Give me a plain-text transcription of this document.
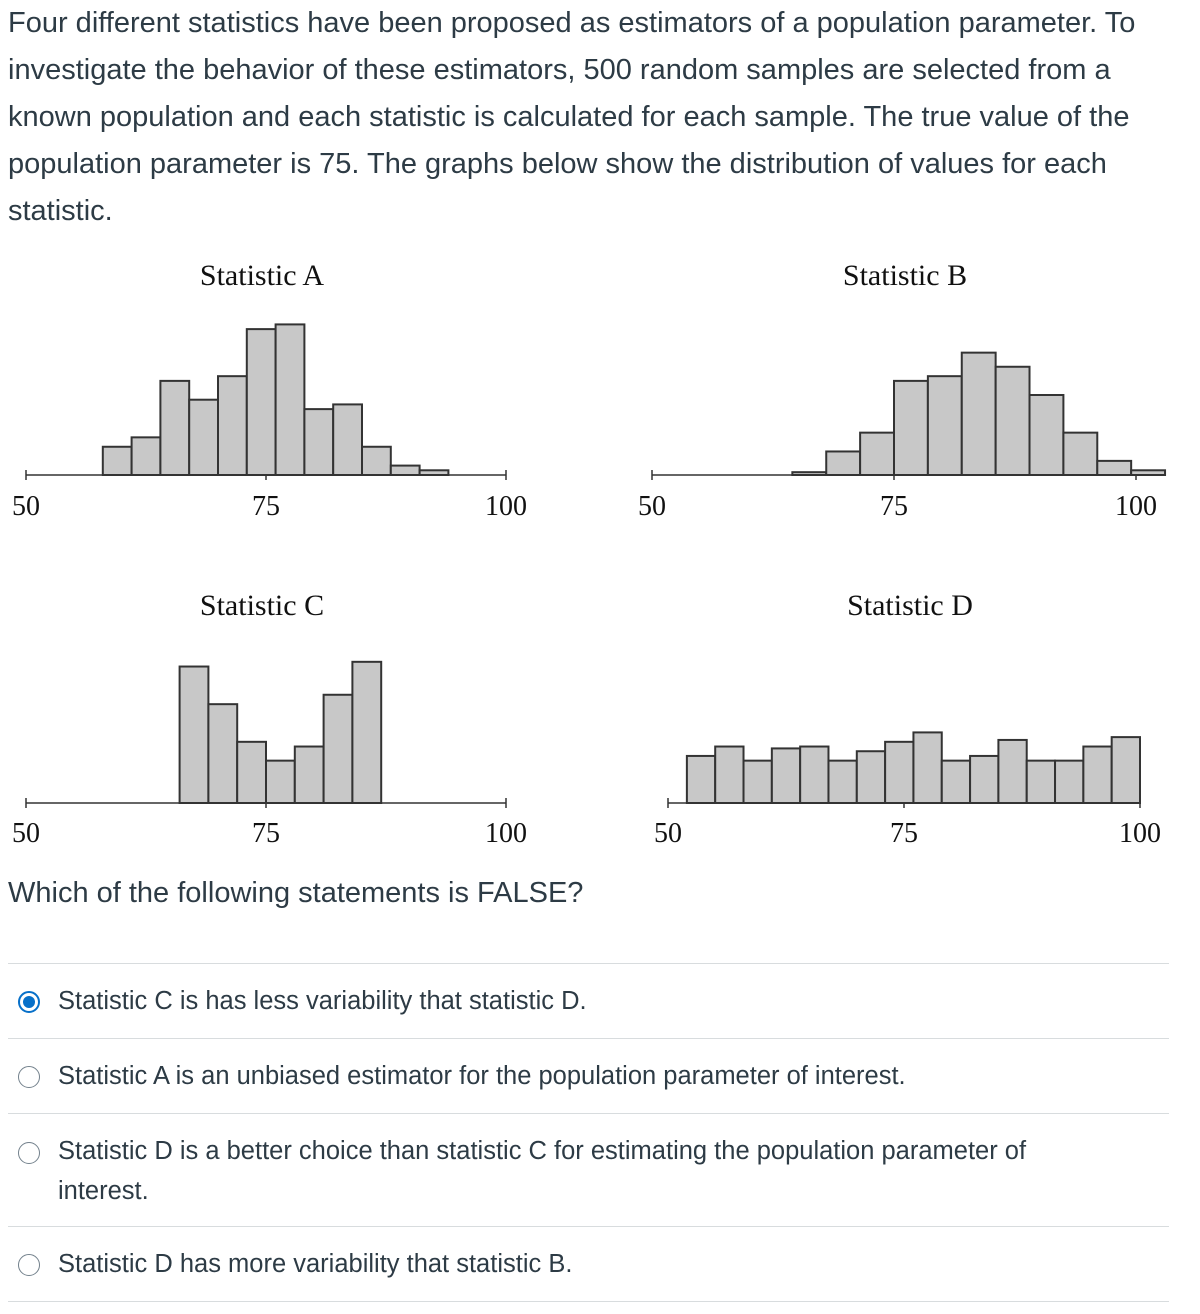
Four different statistics have been proposed as estimators of a population parameter. To investigate the behavior of these estimators, 500 random samples are selected from a known population and each statistic is calculated for each sample. The true value of the population parameter is 75. The graphs below show the distribution of values for each statistic.

Statistic A
50	75	100
Statistic B
50	75	100
Statistic C
50	75	100
Statistic D
50	75	100

Which of the following statements is FALSE?

Statistic C is has less variability that statistic D.
Statistic A is an unbiased estimator for the population parameter of interest.
Statistic D is a better choice than statistic C for estimating the population parameter of interest.
Statistic D has more variability that statistic B.
